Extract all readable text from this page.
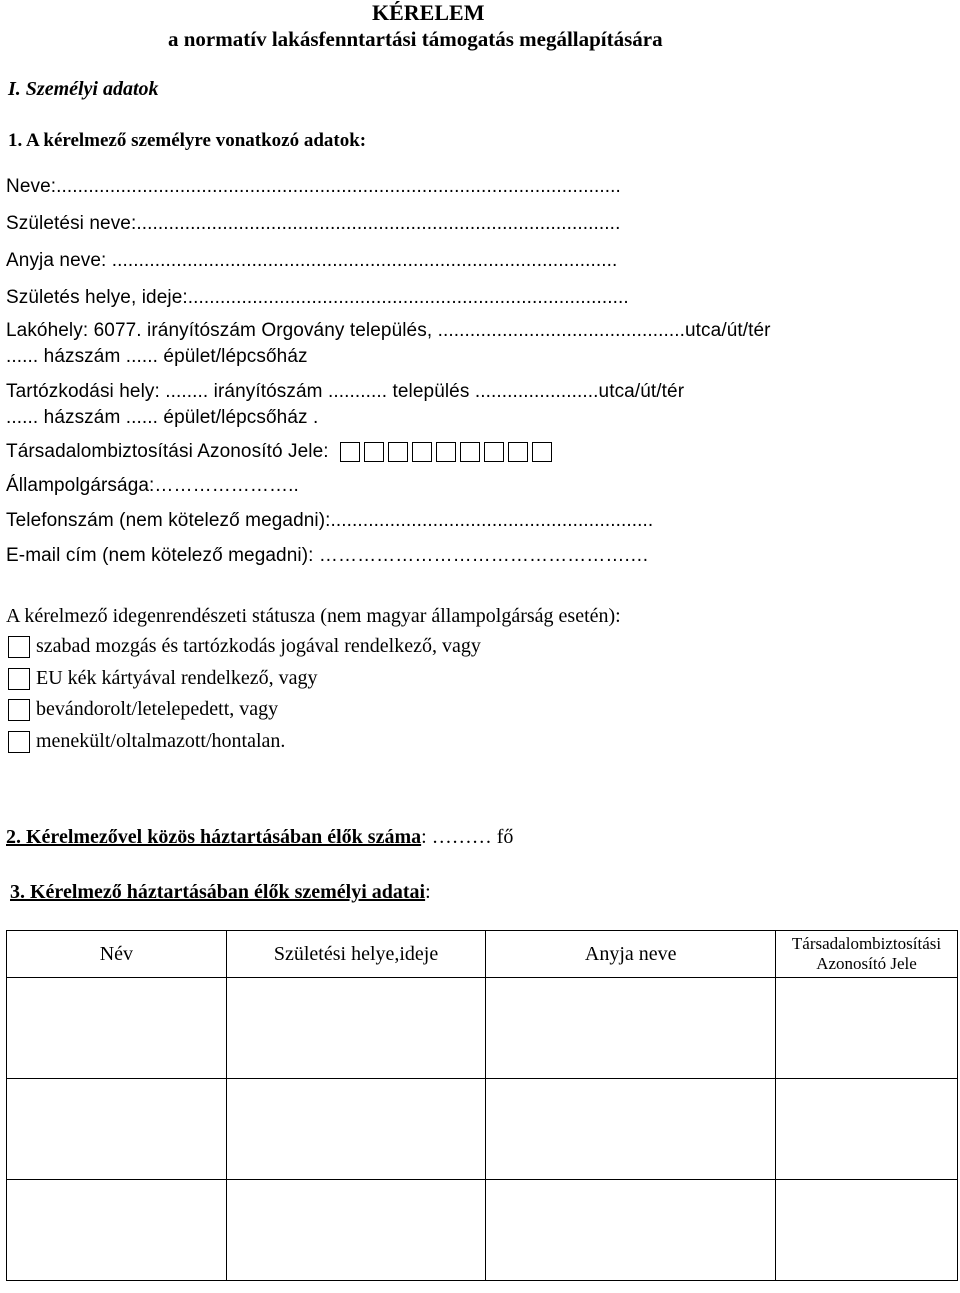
KÉRELEM
a normatív lakásfenntartási támogatás megállapítására
I. Személyi adatok
1. A kérelmező személyre vonatkozó adatok:
Neve:.........................................................................................................
Születési neve:..........................................................................................
Anyja neve: ..............................................................................................
Születés helye, ideje:..................................................................................
Lakóhely: 6077. irányítószám Orgovány település, ..............................................utca/út/tér
...... házszám ...... épület/lépcsőház
Tartózkodási hely: ........ irányítószám ........... település .......................utca/út/tér
...... házszám ...... épület/lépcsőház .
Társadalombiztosítási Azonosító Jele:
Állampolgársága:…………………..
Telefonszám (nem kötelező megadni):............................................................
E-mail cím (nem kötelező megadni): ………………………………………….…
A kérelmező idegenrendészeti státusza (nem magyar állampolgárság esetén):
szabad mozgás és tartózkodás jogával rendelkező, vagy
EU kék kártyával rendelkező, vagy
bevándorolt/letelepedett, vagy
menekült/oltalmazott/hontalan.
2. Kérelmezővel közös háztartásában élők száma: ……… fő
3. Kérelmező háztartásában élők személyi adatai:
Név	Születési helye,ideje	Anyja neve	Társadalombiztosítási Azonosító Jele
